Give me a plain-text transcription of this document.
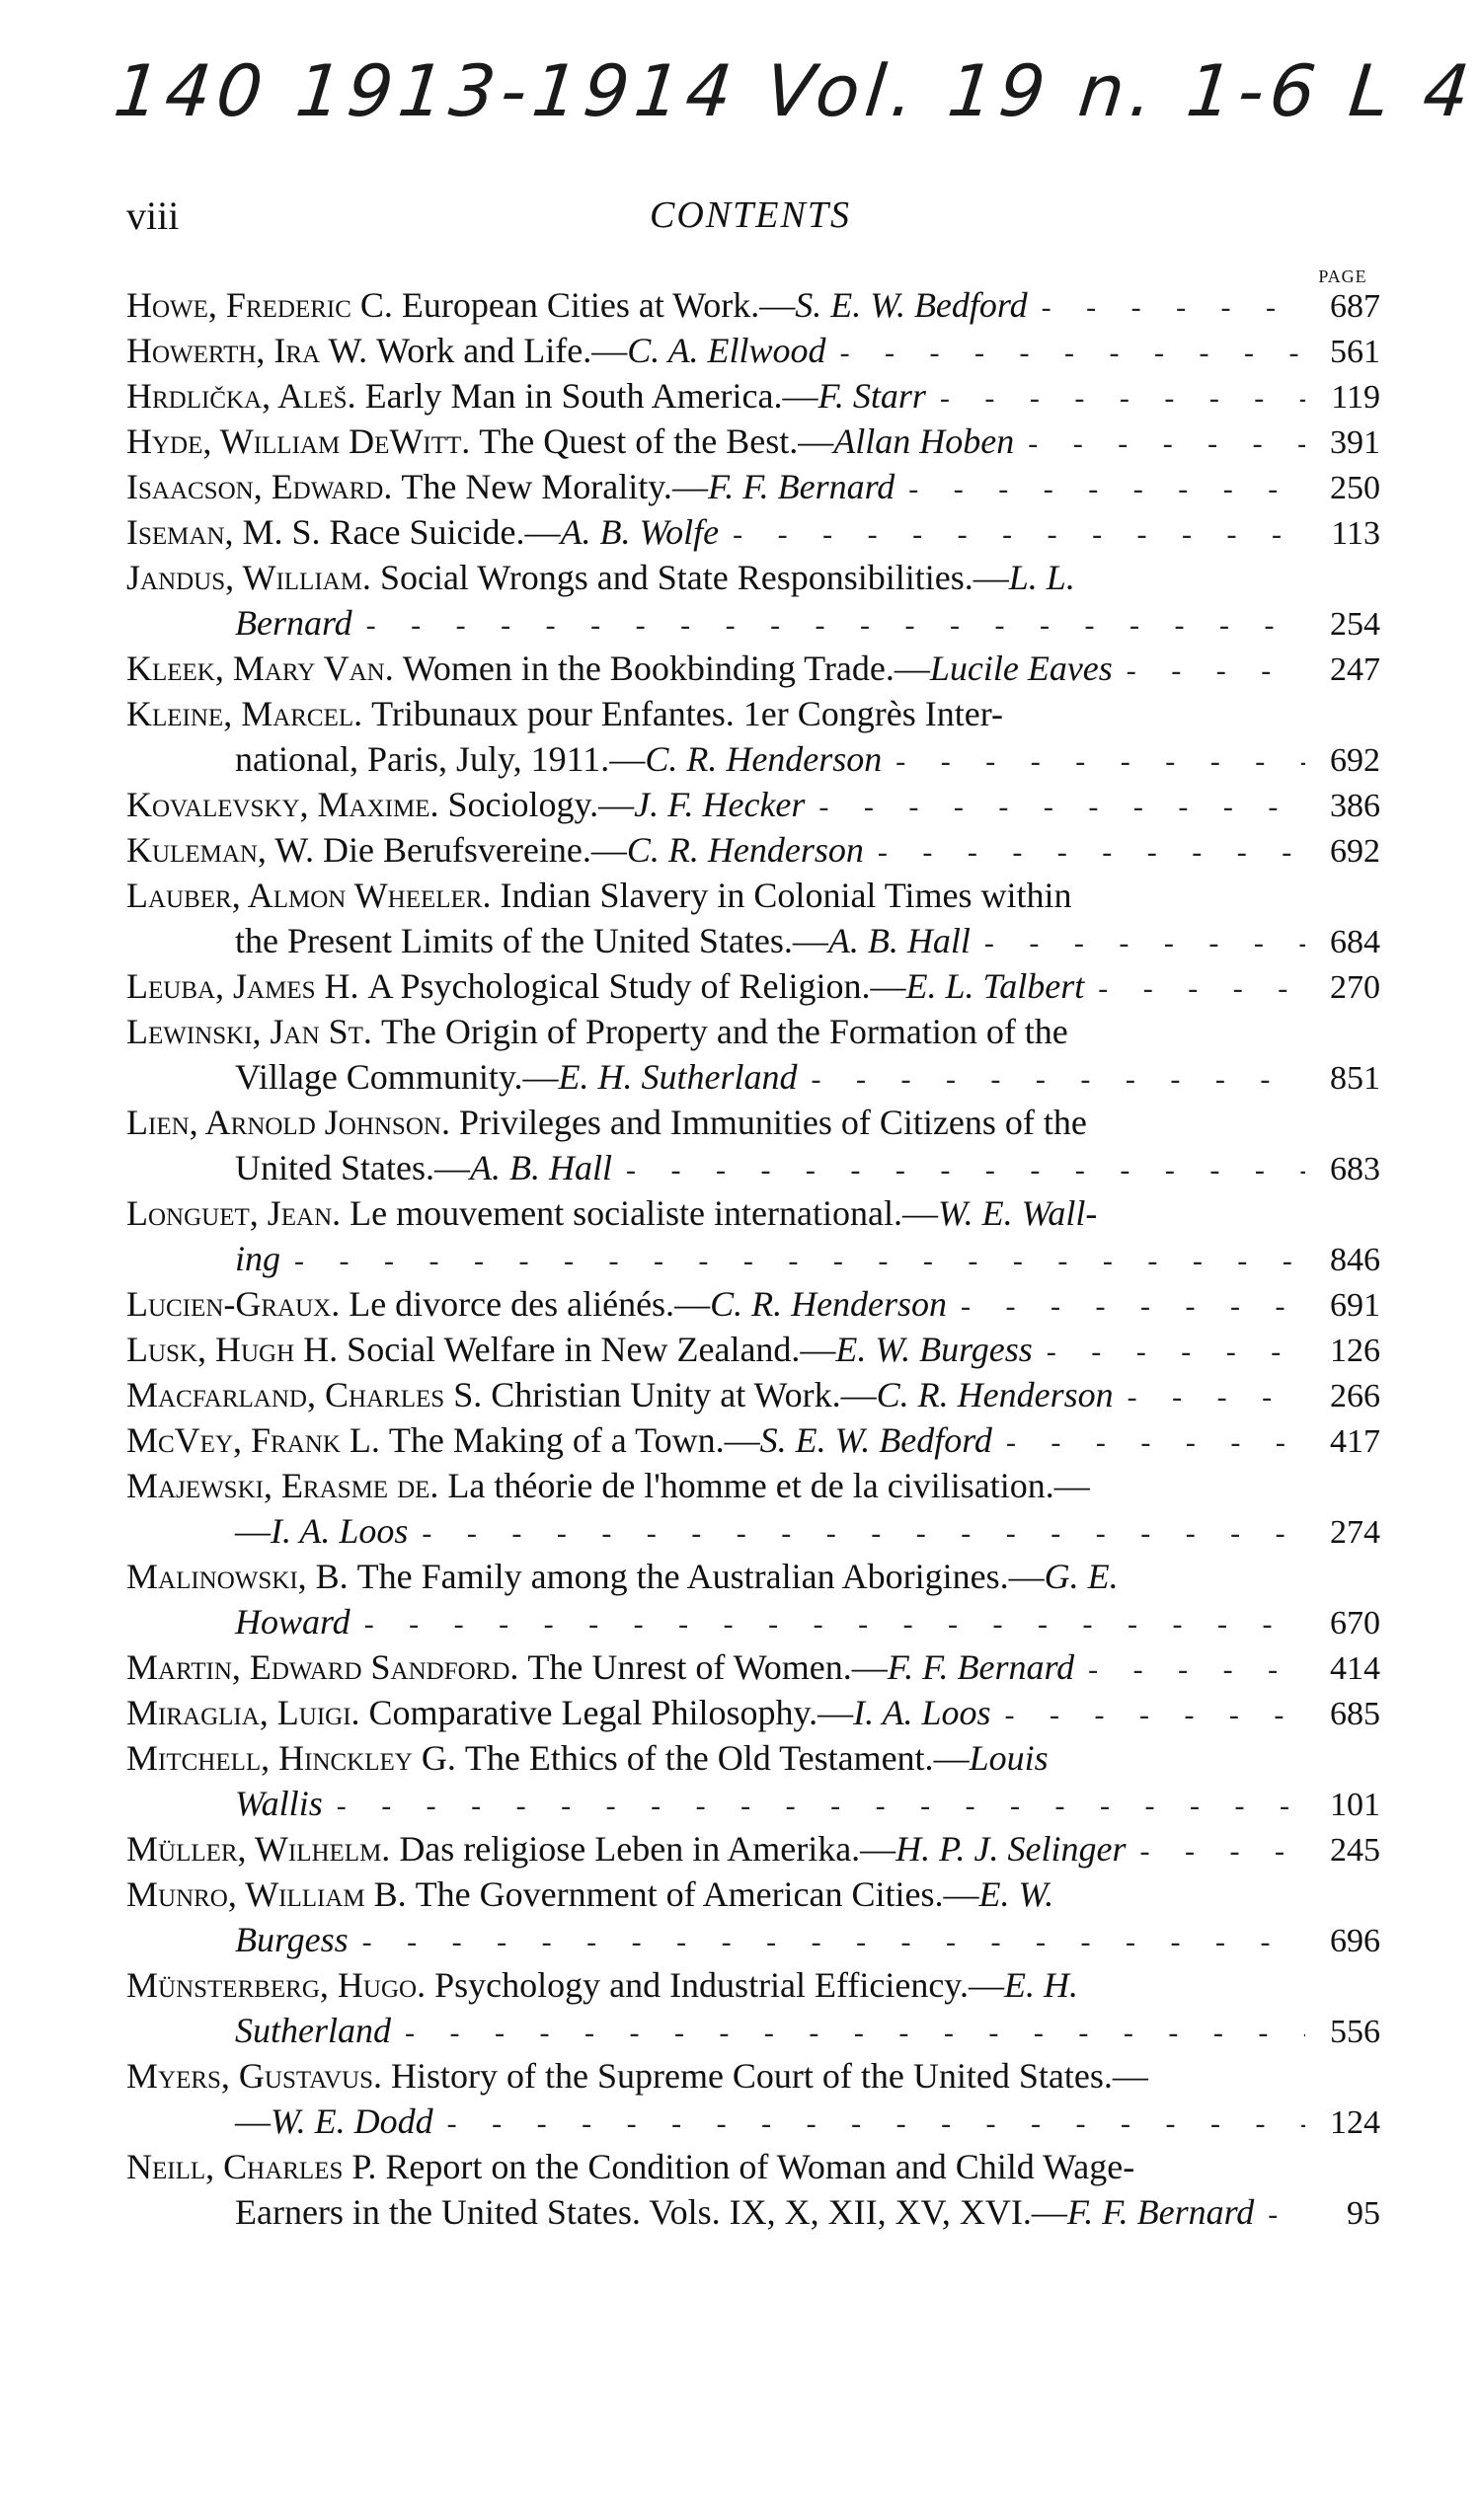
140 1913-1914 Vol. 19 n. 1-6 L 4
viii	CONTENTS
PAGE
Howe, Frederic C.
European Cities at Work. — S. E. W. Bedford - - -	687
Howerth, Ira W.
Work and Life. — C. A. Ellwood - - -	561
Hrdlička, Aleš.
Early Man in South America. — F. Starr - - -	119
Hyde, William DeWitt.
The Quest of the Best. — Allan Hoben - - -	391
Isaacson, Edward.
The New Morality. — F. F. Bernard - - -	250
Iseman, M. S.
Race Suicide. — A. B. Wolfe - - -	113
Jandus, William.
Social Wrongs and State Responsibilities. — L. L.
Bernard - - -	254
Kleek, Mary Van.
Women in the Bookbinding Trade. — Lucile Eaves - - -	247
Kleine, Marcel.
Tribunaux pour Enfantes. 1er Congrès Inter-
national, Paris, July, 1911. — C. R. Henderson - - -	692
Kovalevsky, Maxime.
Sociology. — J. F. Hecker - - -	386
Kuleman, W.
Die Berufsvereine. — C. R. Henderson - - -	692
Lauber, Almon Wheeler.
Indian Slavery in Colonial Times within
the Present Limits of the United States. — A. B. Hall - - -	684
Leuba, James H.
A Psychological Study of Religion. — E. L. Talbert - - -	270
Lewinski, Jan St.
The Origin of Property and the Formation of the
Village Community. — E. H. Sutherland - - -	851
Lien, Arnold Johnson.
Privileges and Immunities of Citizens of the
United States. — A. B. Hall - - -	683
Longuet, Jean.
Le mouvement socialiste international. — W. E. Wall-
ing - - -	846
Lucien-Graux.
Le divorce des aliénés. — C. R. Henderson - - -	691
Lusk, Hugh H.
Social Welfare in New Zealand. — E. W. Burgess - - -	126
Macfarland, Charles S.
Christian Unity at Work. — C. R. Henderson - - -	266
McVey, Frank L.
The Making of a Town. — S. E. W. Bedford - - -	417
Majewski, Erasme de.
La théorie de l'homme et de la civilisation. —
— I. A. Loos - - -	274
Malinowski, B.
The Family among the Australian Aborigines. — G. E.
Howard - - -	670
Martin, Edward Sandford.
The Unrest of Women. — F. F. Bernard - - -	414
Miraglia, Luigi.
Comparative Legal Philosophy. — I. A. Loos - - -	685
Mitchell, Hinckley G.
The Ethics of the Old Testament. — Louis
Wallis - - -	101
Müller, Wilhelm.
Das religiose Leben in Amerika. — H. P. J. Selinger - - -	245
Munro, William B.
The Government of American Cities. — E. W.
Burgess - - -	696
Münsterberg, Hugo.
Psychology and Industrial Efficiency. — E. H.
Sutherland - - -	556
Myers, Gustavus.
History of the Supreme Court of the United States. —
— W. E. Dodd - - -	124
Neill, Charles P.
Report on the Condition of Woman and Child Wage-
Earners in the United States. Vols. IX, X, XII, XV, XVI. — F. F. Bernard - - -	95
